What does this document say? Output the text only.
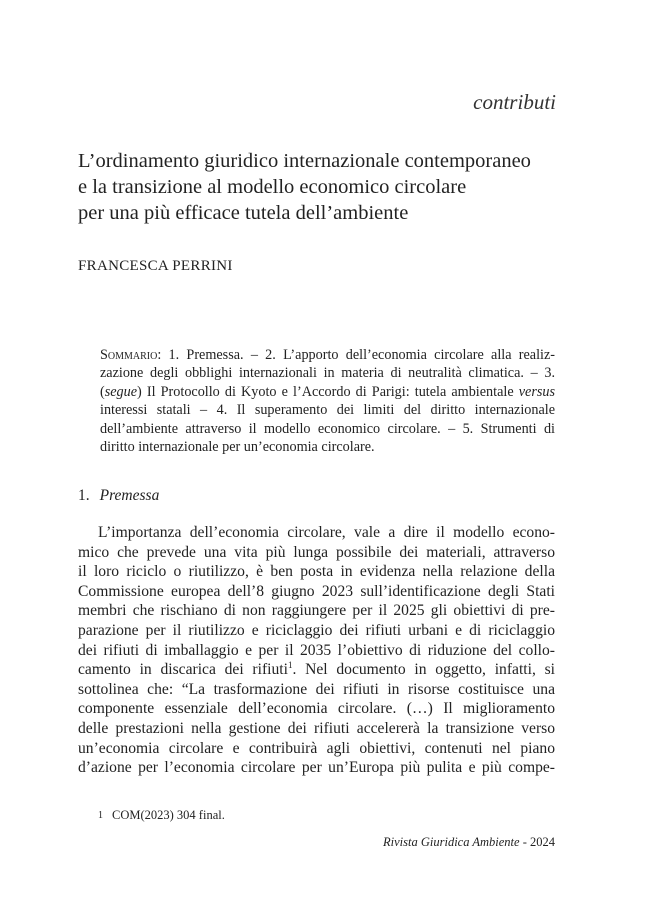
contributi
L’ordinamento giuridico internazionale contemporaneo
e la transizione al modello economico circolare
per una più efficace tutela dell’ambiente
FRANCESCA PERRINI
Sommario: 1. Premessa. – 2. L’apporto dell’economia circolare alla realiz-zazione degli obblighi internazionali in materia di neutralità climatica. – 3. (segue) Il Protocollo di Kyoto e l’Accordo di Parigi: tutela ambientale versus interessi statali – 4. Il superamento dei limiti del diritto internazionale dell’ambiente attraverso il modello economico circolare. – 5. Strumenti di diritto internazionale per un’economia circolare.
1. Premessa
L’importanza dell’economia circolare, vale a dire il modello econo-
mico che prevede una vita più lunga possibile dei materiali, attraverso
il loro riciclo o riutilizzo, è ben posta in evidenza nella relazione della
Commissione europea dell’8 giugno 2023 sull’identificazione degli Stati
membri che rischiano di non raggiungere per il 2025 gli obiettivi di pre-
parazione per il riutilizzo e riciclaggio dei rifiuti urbani e di riciclaggio
dei rifiuti di imballaggio e per il 2035 l’obiettivo di riduzione del collo-
camento in discarica dei rifiuti$^1$. Nel documento in oggetto, infatti, si
sottolinea che: “La trasformazione dei rifiuti in risorse costituisce una
componente essenziale dell’economia circolare. (…) Il miglioramento
delle prestazioni nella gestione dei rifiuti accelererà la transizione verso
un’economia circolare e contribuirà agli obiettivi, contenuti nel piano
d’azione per l’economia circolare per un’Europa più pulita e più compe-
1 COM(2023) 304 final.
Rivista Giuridica Ambiente - 2024
